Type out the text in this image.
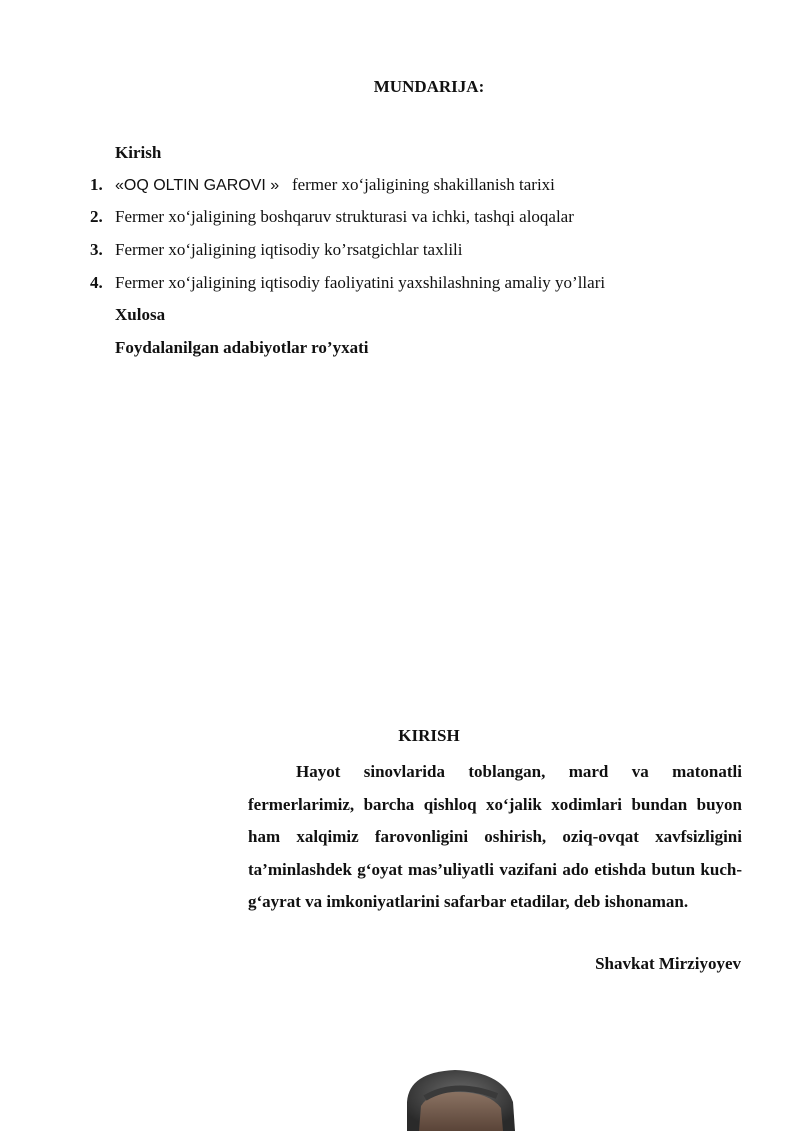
MUNDARIJA:
Kirish
1. «OQ OLTIN GAROVI »   fermer xo‘jaligining shakillanish tarixi
2. Fermer xo‘jaligining boshqaruv strukturasi va ichki, tashqi aloqalar
3. Fermer xo‘jaligining iqtisodiy ko’rsatgichlar taxlili
4. Fermer xo‘jaligining iqtisodiy faoliyatini yaxshilashning amaliy yo’llari
Xulosa
Foydalanilgan adabiyotlar ro’yxati
KIRISH

Hayot sinovlarida toblangan, mard va matonatli fermerlarimiz, barcha qishloq xo‘jalik xodimlari bundan buyon ham xalqimiz farovonligini oshirish, oziq-ovqat xavfsizligini ta’minlashdek g‘oyat mas’uliyatli vazifani ado etishda butun kuch-g‘ayrat va imkoniyatlarini safarbar etadilar, deb ishonaman.

Shavkat Mirziyoyev
